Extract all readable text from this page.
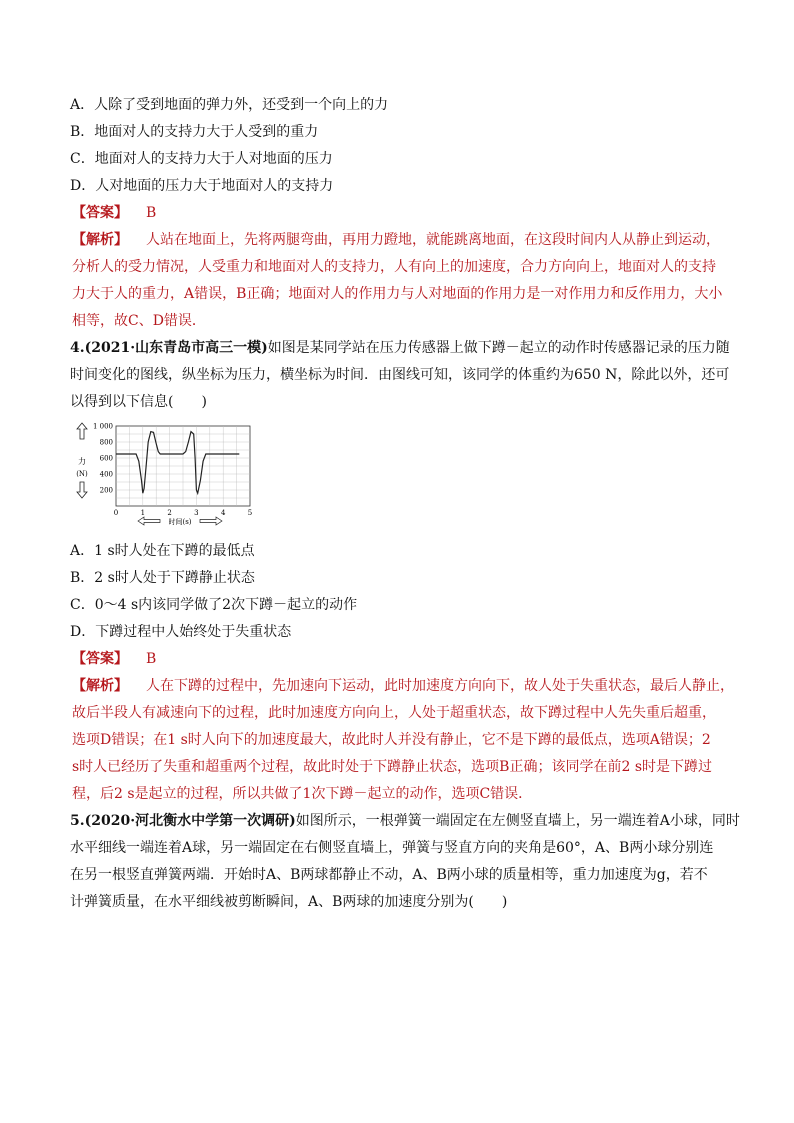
A．人除了受到地面的弹力外，还受到一个向上的力
B．地面对人的支持力大于人受到的重力
C．地面对人的支持力大于人对地面的压力
D．人对地面的压力大于地面对人的支持力
【答案】 B
【解析】 人站在地面上，先将两腿弯曲，再用力蹬地，就能跳离地面，在这段时间内人从静止到运动，
分析人的受力情况，人受重力和地面对人的支持力，人有向上的加速度，合力方向向上，地面对人的支持
力大于人的重力，A错误，B正确；地面对人的作用力与人对地面的作用力是一对作用力和反作用力，大小
相等，故C、D错误．
4.(2021·山东青岛市高三一模)如图是某同学站在压力传感器上做下蹲－起立的动作时传感器记录的压力随
时间变化的图线，纵坐标为压力，横坐标为时间．由图线可知，该同学的体重约为650 N，除此以外，还可
以得到以下信息(　　)
1 000
800
600
400
200
0	1	2	3	4	5
力
(N)
时间(s)
A．1 s时人处在下蹲的最低点
B．2 s时人处于下蹲静止状态
C．0～4 s内该同学做了2次下蹲－起立的动作
D．下蹲过程中人始终处于失重状态
【答案】 B
【解析】 人在下蹲的过程中，先加速向下运动，此时加速度方向向下，故人处于失重状态，最后人静止，
故后半段人有减速向下的过程，此时加速度方向向上，人处于超重状态，故下蹲过程中人先失重后超重，
选项D错误；在1 s时人向下的加速度最大，故此时人并没有静止，它不是下蹲的最低点，选项A错误；2
s时人已经历了失重和超重两个过程，故此时处于下蹲静止状态，选项B正确；该同学在前2 s时是下蹲过
程，后2 s是起立的过程，所以共做了1次下蹲－起立的动作，选项C错误．
5.(2020·河北衡水中学第一次调研)如图所示，一根弹簧一端固定在左侧竖直墙上，另一端连着A小球，同时
水平细线一端连着A球，另一端固定在右侧竖直墙上，弹簧与竖直方向的夹角是60°，A、B两小球分别连
在另一根竖直弹簧两端．开始时A、B两球都静止不动，A、B两小球的质量相等，重力加速度为g，若不
计弹簧质量，在水平细线被剪断瞬间，A、B两球的加速度分别为(　　)
